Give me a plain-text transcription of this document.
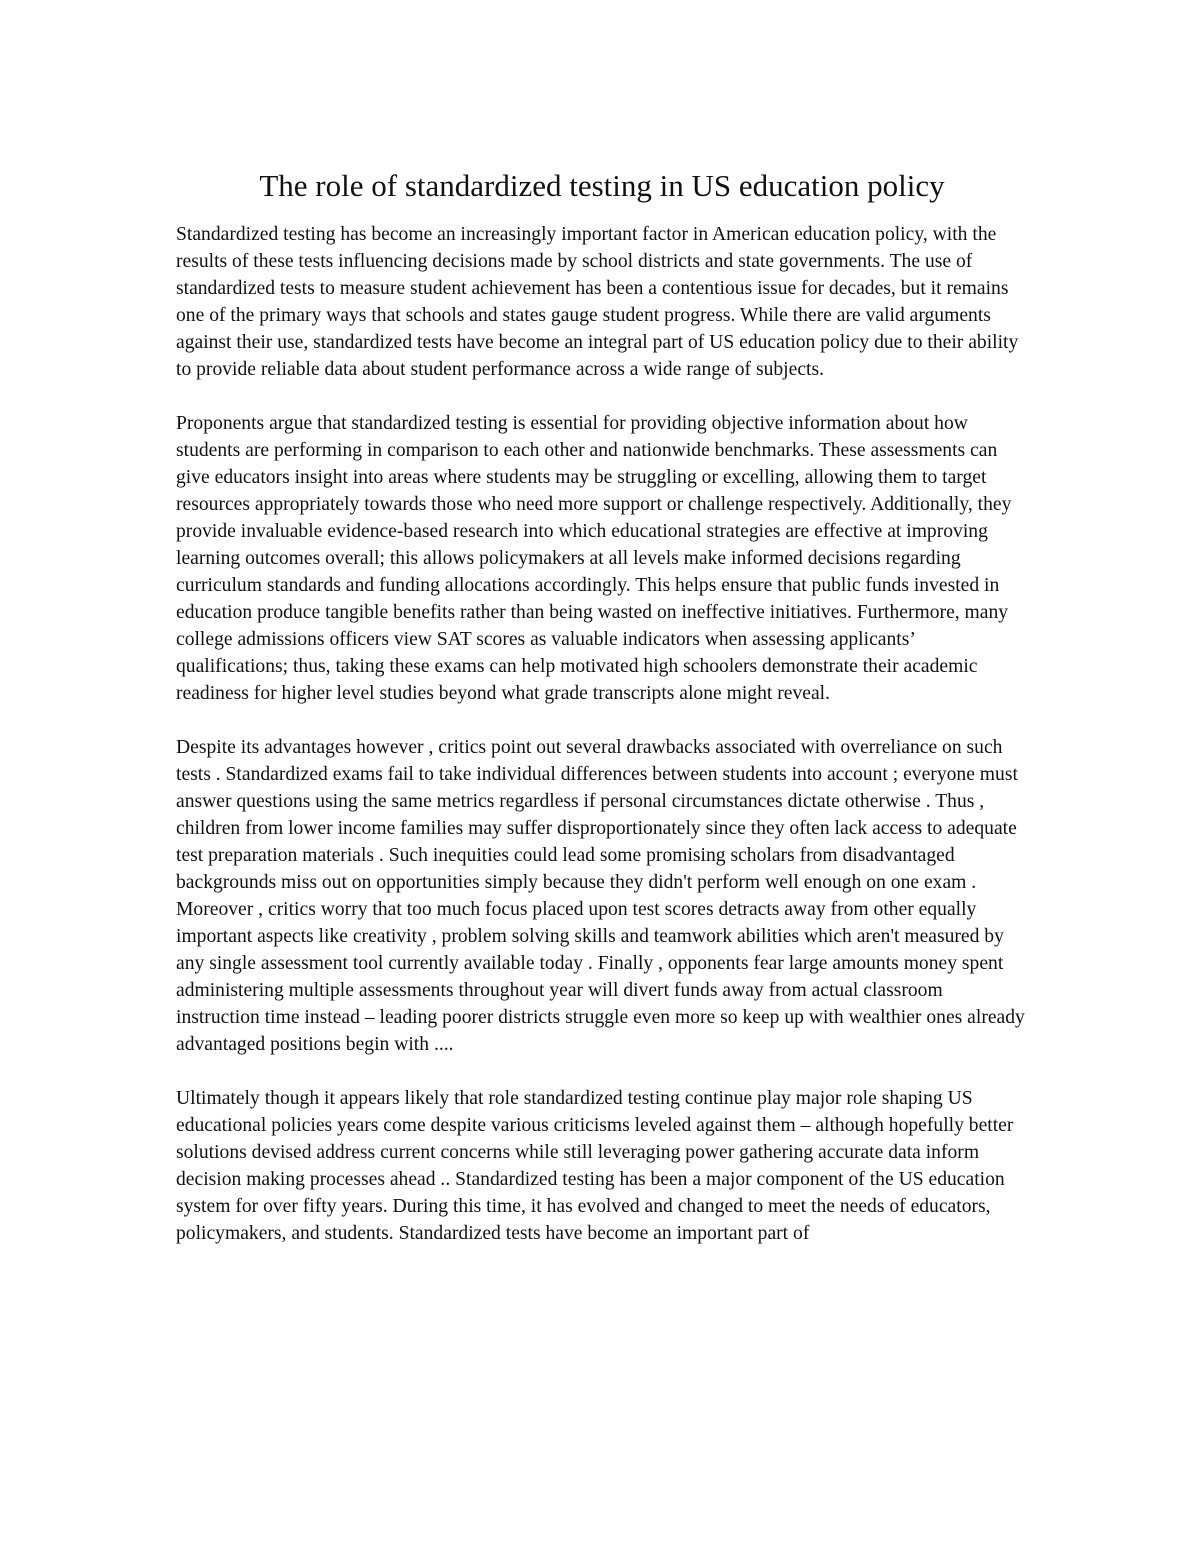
The role of standardized testing in US education policy

Standardized testing has become an increasingly important factor in American education policy, with the results of these tests influencing decisions made by school districts and state governments. The use of standardized tests to measure student achievement has been a contentious issue for decades, but it remains one of the primary ways that schools and states gauge student progress. While there are valid arguments against their use, standardized tests have become an integral part of US education policy due to their ability to provide reliable data about student performance across a wide range of subjects.

Proponents argue that standardized testing is essential for providing objective information about how students are performing in comparison to each other and nationwide benchmarks. These assessments can give educators insight into areas where students may be struggling or excelling, allowing them to target resources appropriately towards those who need more support or challenge respectively. Additionally, they provide invaluable evidence-based research into which educational strategies are effective at improving learning outcomes overall; this allows policymakers at all levels make informed decisions regarding curriculum standards and funding allocations accordingly. This helps ensure that public funds invested in education produce tangible benefits rather than being wasted on ineffective initiatives. Furthermore, many college admissions officers view SAT scores as valuable indicators when assessing applicants’ qualifications; thus, taking these exams can help motivated high schoolers demonstrate their academic readiness for higher level studies beyond what grade transcripts alone might reveal.

Despite its advantages however , critics point out several drawbacks associated with overreliance on such tests . Standardized exams fail to take individual differences between students into account ; everyone must answer questions using the same metrics regardless if personal circumstances dictate otherwise . Thus , children from lower income families may suffer disproportionately since they often lack access to adequate test preparation materials . Such inequities could lead some promising scholars from disadvantaged backgrounds miss out on opportunities simply because they didn't perform well enough on one exam . Moreover , critics worry that too much focus placed upon test scores detracts away from other equally important aspects like creativity , problem solving skills and teamwork abilities which aren't measured by any single assessment tool currently available today . Finally , opponents fear large amounts money spent administering multiple assessments throughout year will divert funds away from actual classroom instruction time instead – leading poorer districts struggle even more so keep up with wealthier ones already advantaged positions begin with ....

Ultimately though it appears likely that role standardized testing continue play major role shaping US educational policies years come despite various criticisms leveled against them – although hopefully better solutions devised address current concerns while still leveraging power gathering accurate data inform decision making processes ahead .. Standardized testing has been a major component of the US education system for over fifty years. During this time, it has evolved and changed to meet the needs of educators, policymakers, and students. Standardized tests have become an important part of
